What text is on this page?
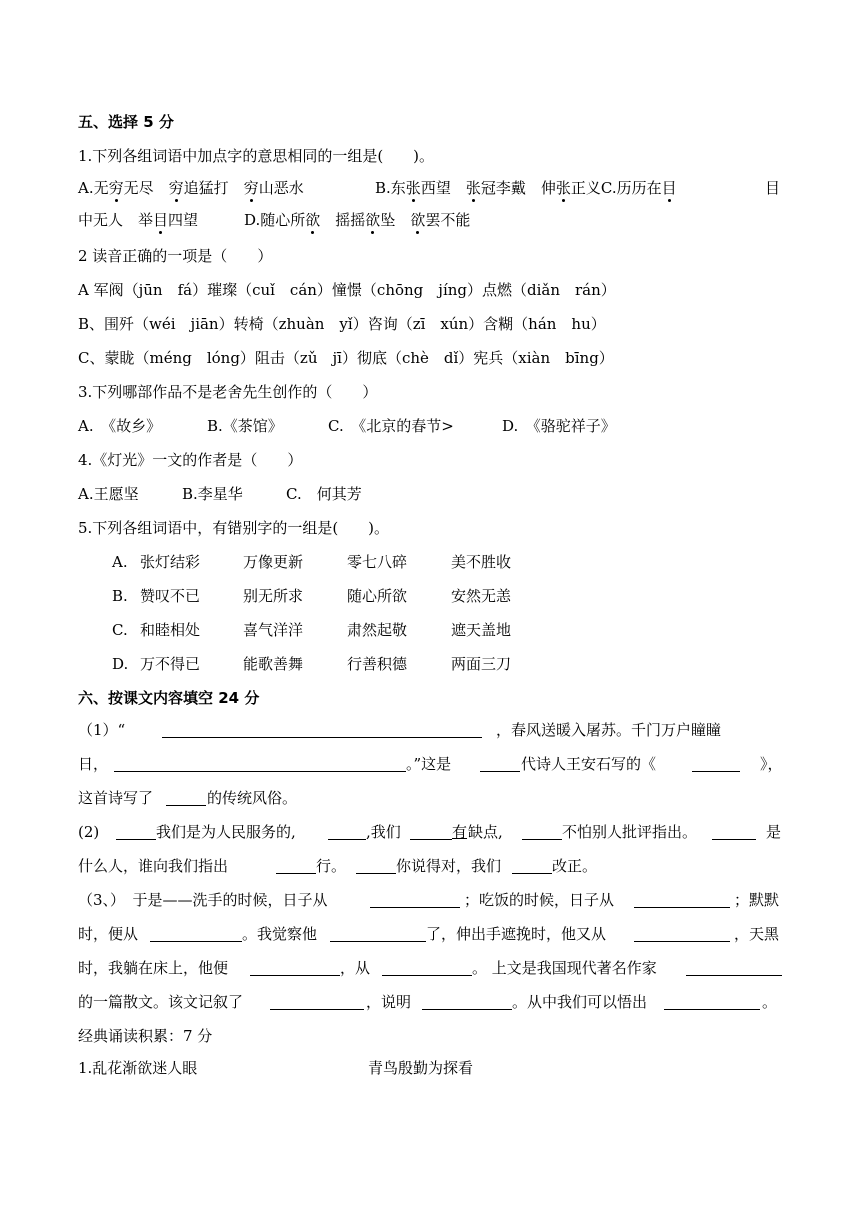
五、选择 5 分
1.下列各组词语中加点字的意思相同的一组是(　　)。
A.无穷无尽　穷追猛打　穷山恶水	B.东张西望　张冠李戴　伸张正义C.历历在目	目
中无人　举目四望	D.随心所欲　摇摇欲坠　欲罢不能
2 读音正确的一项是（　　）
A 军阀（jūn　fá）璀璨（cuǐ　cán）憧憬（chōng　jíng）点燃（diǎn　rán）
B、围歼（wéi　jiān）转椅（zhuàn　yǐ）咨询（zī　xún）含糊（hán　hu）
C、蒙眬（méng　lóng）阻击（zǔ　jī）彻底（chè　dǐ）宪兵（xiàn　bīng）
3.下列哪部作品不是老舍先生创作的（　　）
A.　《故乡》	B.《茶馆》	C.　《北京的春节>	D.　《骆驼祥子》
4.《灯光》一文的作者是（　　）
A.王愿坚	B.李星华	C.　何其芳
5.下列各组词语中，有错别字的一组是(　　)。
A. 张灯结彩	万像更新	零七八碎	美不胜收
B. 赞叹不已	别无所求	随心所欲	安然无恙
C. 和睦相处	喜气洋洋	肃然起敬	遮天盖地
D. 万不得已	能歌善舞	行善积德	两面三刀
六、按课文内容填空 24 分
（1）“	，春风送暖入屠苏。千门万户瞳瞳
日，	。”这是	代诗人王安石写的《	》，
这首诗写了	的传统风俗。
(2)	我们是为人民服务的,	,我们	有 缺点,	不怕别人批评指出。	是
什么人，谁向我们指出	行。	你说得对，我们	改正。
（3、）　于是——洗手的时候，日子从	；吃饭的时候，日子从	；默默
时，便从	。我觉察他	了，伸出手遮挽时，他又从	，天黑
时，我躺在床上，他便	，从	。 上文是我国现代著名作家
的一篇散文。该文记叙了	，说明	。从中我们可以悟出	。
经典诵读积累：7 分
1.乱花渐欲迷人眼	青鸟殷勤为探看
